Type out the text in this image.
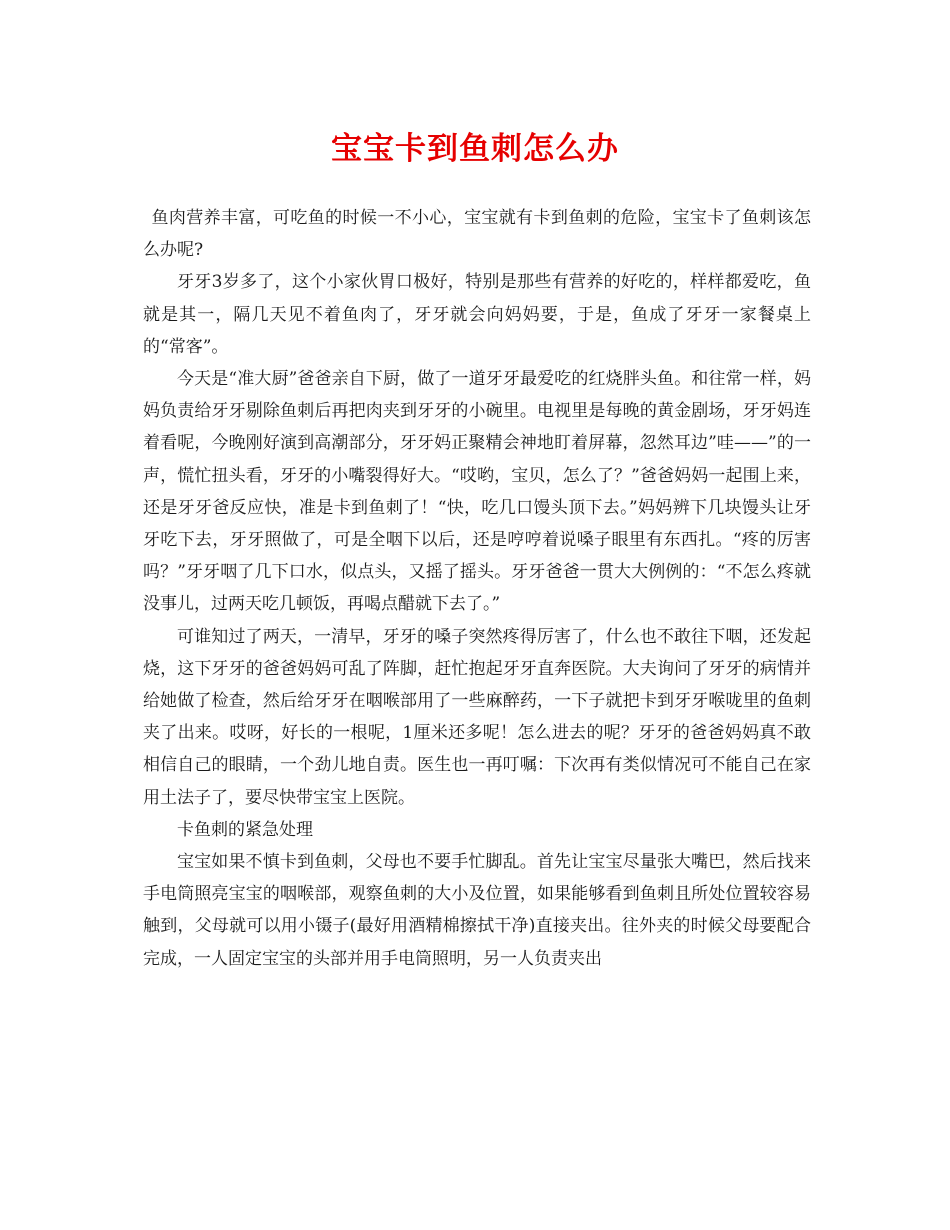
宝宝卡到鱼刺怎么办

鱼肉营养丰富，可吃鱼的时候一不小心，宝宝就有卡到鱼刺的危险，宝宝卡了鱼刺该怎么办呢?

牙牙3岁多了，这个小家伙胃口极好，特别是那些有营养的好吃的，样样都爱吃，鱼就是其一，隔几天见不着鱼肉了，牙牙就会向妈妈要，于是，鱼成了牙牙一家餐桌上的“常客”。

今天是“准大厨”爸爸亲自下厨，做了一道牙牙最爱吃的红烧胖头鱼。和往常一样，妈妈负责给牙牙剔除鱼刺后再把肉夹到牙牙的小碗里。电视里是每晚的黄金剧场，牙牙妈连着看呢，今晚刚好演到高潮部分，牙牙妈正聚精会神地盯着屏幕，忽然耳边”哇——”的一声，慌忙扭头看，牙牙的小嘴裂得好大。“哎哟，宝贝，怎么了？”爸爸妈妈一起围上来，还是牙牙爸反应快，准是卡到鱼刺了！“快，吃几口馒头顶下去。”妈妈辨下几块馒头让牙牙吃下去，牙牙照做了，可是全咽下以后，还是哼哼着说嗓子眼里有东西扎。“疼的厉害吗？”牙牙咽了几下口水，似点头，又摇了摇头。牙牙爸爸一贯大大例例的：“不怎么疼就没事儿，过两天吃几顿饭，再喝点醋就下去了。”

可谁知过了两天，一清早，牙牙的嗓子突然疼得厉害了，什么也不敢往下咽，还发起烧，这下牙牙的爸爸妈妈可乱了阵脚，赶忙抱起牙牙直奔医院。大夫询问了牙牙的病情并给她做了检查，然后给牙牙在咽喉部用了一些麻醉药，一下子就把卡到牙牙喉咙里的鱼刺夹了出来。哎呀，好长的一根呢，1厘米还多呢！怎么进去的呢？牙牙的爸爸妈妈真不敢相信自己的眼睛，一个劲儿地自责。医生也一再叮嘱：下次再有类似情况可不能自己在家用土法子了，要尽快带宝宝上医院。

卡鱼刺的紧急处理

宝宝如果不慎卡到鱼刺，父母也不要手忙脚乱。首先让宝宝尽量张大嘴巴，然后找来手电筒照亮宝宝的咽喉部，观察鱼刺的大小及位置，如果能够看到鱼刺且所处位置较容易触到，父母就可以用小镊子(最好用酒精棉擦拭干净)直接夹出。往外夹的时候父母要配合完成，一人固定宝宝的头部并用手电筒照明，另一人负责夹出
